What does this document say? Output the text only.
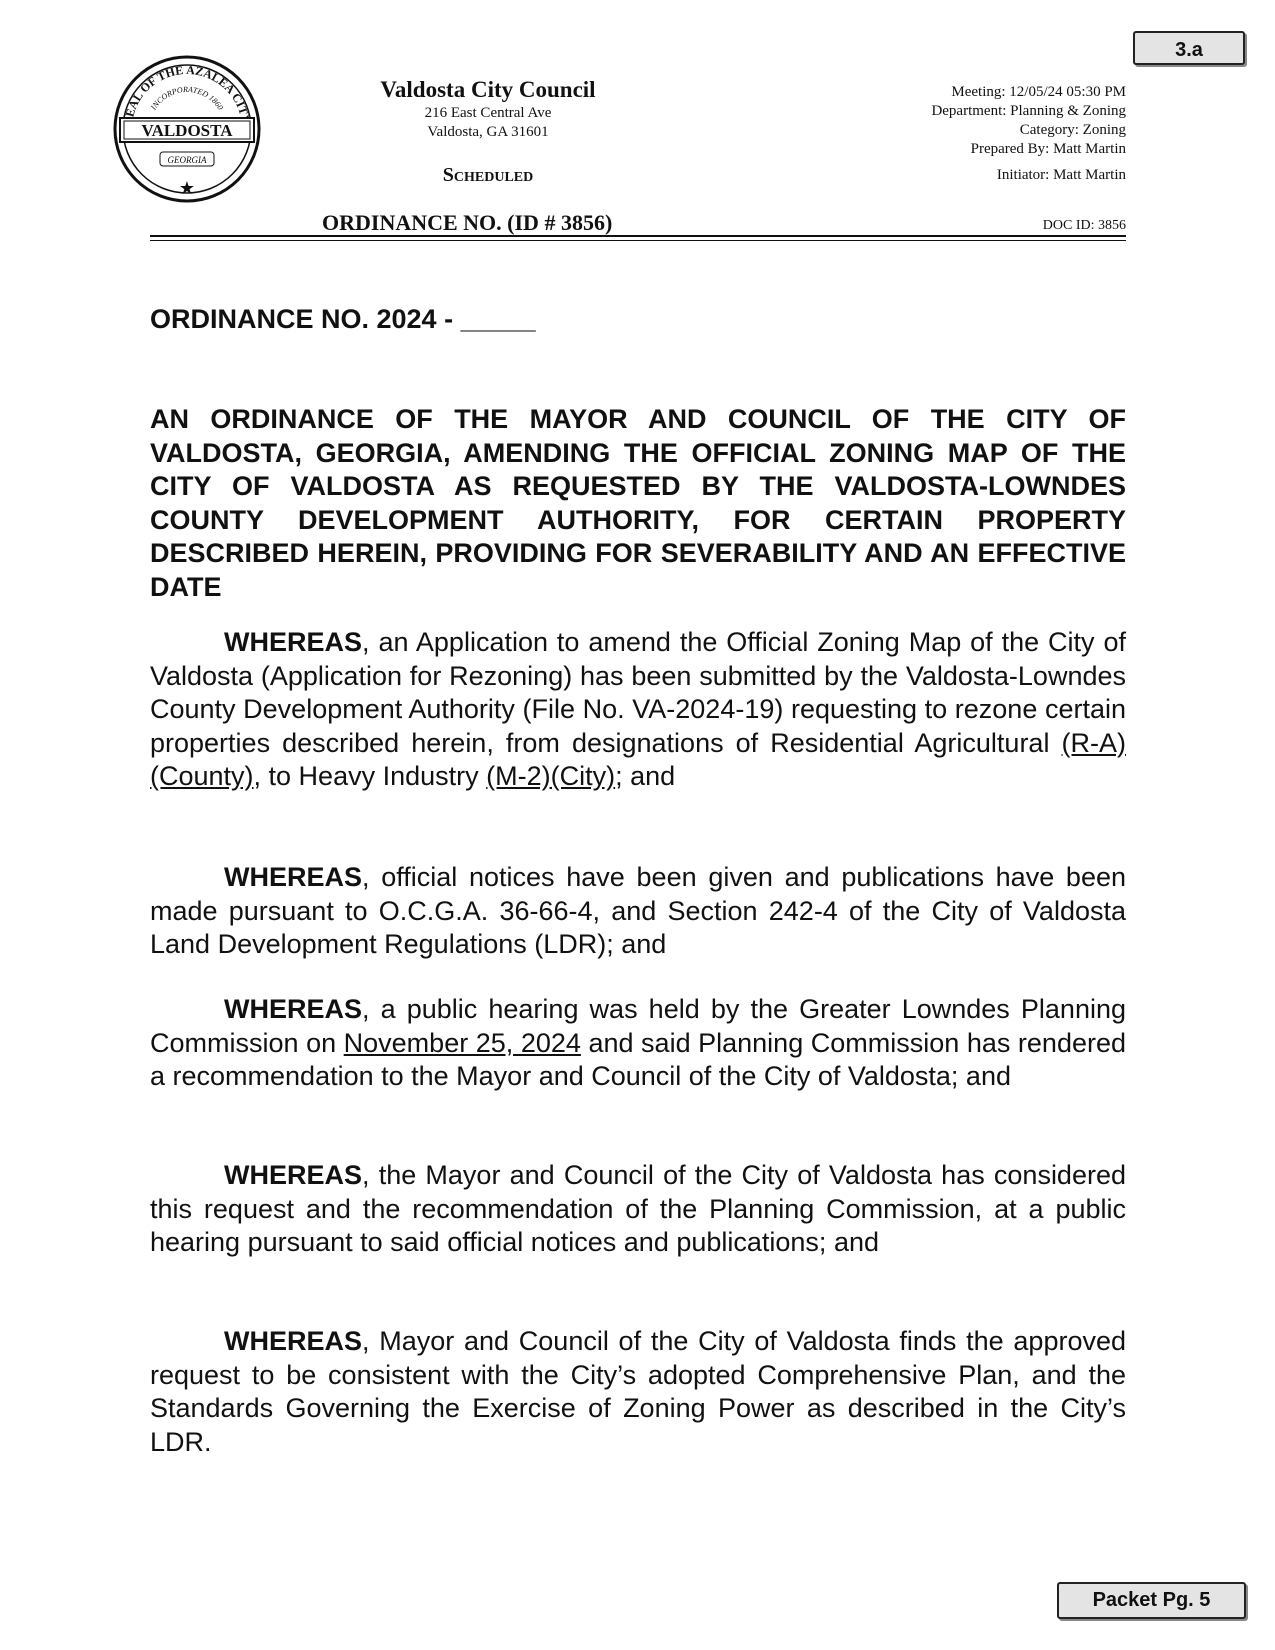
3.a
EAL OF THE AZALEA CIT
INCORPORATED 1860
VALDOSTA
GEORGIA
★
Valdosta City Council
216 East Central Ave
Valdosta, GA 31601
Scheduled
Meeting: 12/05/24 05:30 PM
Department: Planning & Zoning
Category: Zoning
Prepared By: Matt Martin
Initiator: Matt Martin
ORDINANCE NO. (ID # 3856)	DOC ID: 3856
ORDINANCE NO. 2024 - _____
AN ORDINANCE OF THE MAYOR AND COUNCIL OF THE CITY OF VALDOSTA, GEORGIA, AMENDING THE OFFICIAL ZONING MAP OF THE CITY OF VALDOSTA AS REQUESTED BY THE VALDOSTA-LOWNDES COUNTY DEVELOPMENT AUTHORITY, FOR CERTAIN PROPERTY DESCRIBED HEREIN, PROVIDING FOR SEVERABILITY AND AN EFFECTIVE DATE
WHEREAS, an Application to amend the Official Zoning Map of the City of Valdosta (Application for Rezoning) has been submitted by the Valdosta-Lowndes County Development Authority (File No. VA-2024-19) requesting to rezone certain properties described herein, from designations of Residential Agricultural (R-A)(County), to Heavy Industry (M-2)(City); and
WHEREAS, official notices have been given and publications have been made pursuant to O.C.G.A. 36-66-4, and Section 242-4 of the City of Valdosta Land Development Regulations (LDR); and
WHEREAS, a public hearing was held by the Greater Lowndes Planning Commission on November 25, 2024 and said Planning Commission has rendered a recommendation to the Mayor and Council of the City of Valdosta; and
WHEREAS, the Mayor and Council of the City of Valdosta has considered this request and the recommendation of the Planning Commission, at a public hearing pursuant to said official notices and publications; and
WHEREAS, Mayor and Council of the City of Valdosta finds the approved request to be consistent with the City’s adopted Comprehensive Plan, and the Standards Governing the Exercise of Zoning Power as described in the City’s LDR.
Packet Pg. 5
